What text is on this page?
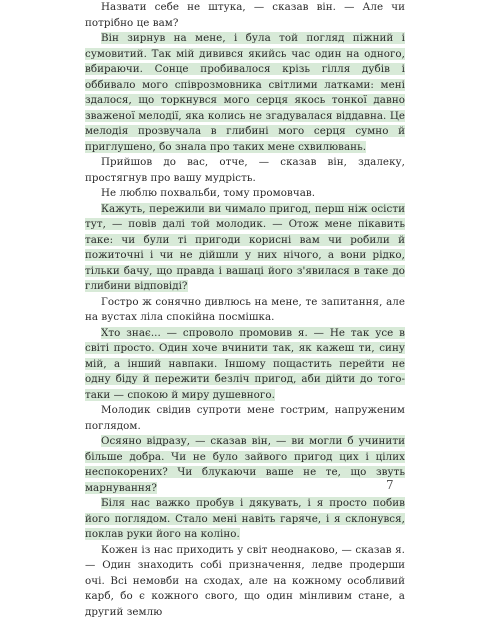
Назвати себе не штука, — сказав він. — Але чи потрібно це вам?

Він зирнув на мене, і була той погляд піжний і сумовитий. Так мій дивився якийсь час один на одного, вбираючи. Сонце пробивалося крізь гілля дубів і оббивало мого співрозмовника світлими латками: мені здалося, що торкнувся мого серця якось тонкої давно зваженої мелодії, яка колись не згадувалася віддавна. Це мелодія прозвучала в глибині мого серця сумно й приглушено, бо знала про таких мене схвилювань.

Прийшов до вас, отче, — сказав він, здалеку, простягнув про вашу мудрість.

Не люблю похвальби, тому промовчав.

Кажуть, пережили ви чимало пригод, перш ніж осісти тут, — повів далі той молодик. — Отож мене пікавить таке: чи були ті пригоди корисні вам чи робили й пожиточні і чи не дійшли у них нічого, а вони рідко, тільки бачу, що правда і вашаці його з'явилася в таке до глибини відповіді?

Гостро ж сонячно дивлюсь на мене, те запитання, але на вустах ліла спокійна посмішка.

Хто знає... — спроволо промовив я. — Не так усе в світі просто. Один хоче вчинити так, як кажеш ти, сину мій, а інший навпаки. Іншому пощастить перейти не одну біду й пережити безліч пригод, аби дійти до того-таки — спокою й миру душевного.

Молодик свідив супроти мене гострим, напруженим поглядом.

Осяяно відразу, — сказав він, — ви могли б учинити більше добра. Чи не було зайвого пригод цих і цілих неспокорених? Чи блукаючи ваше не те, що звуть марнування?

Біля нас важко пробув і дякувать, і я просто побив його поглядом. Стало мені навіть гаряче, і я склонувся, поклав руки його на коліно.

Кожен із нас приходить у світ неоднаково, — сказав я. — Один знаходить собі призначення, ледве продерши очі. Всі немовби на сходах, але на кожному особливий карб, бо є кожного свого, що один мінливим стане, а другий землю

7
